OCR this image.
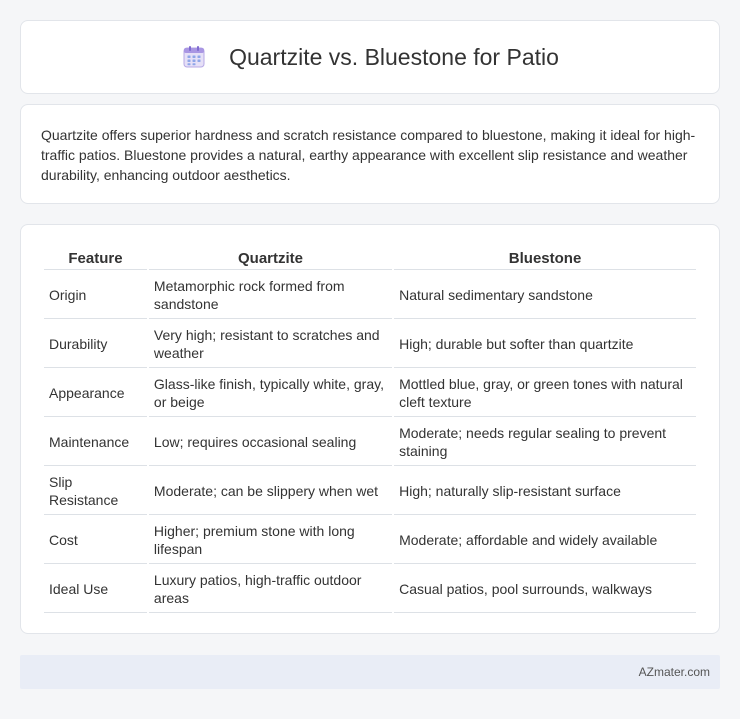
Quartzite vs. Bluestone for Patio

Quartzite offers superior hardness and scratch resistance compared to bluestone, making it ideal for high-traffic patios. Bluestone provides a natural, earthy appearance with excellent slip resistance and weather durability, enhancing outdoor aesthetics.

Feature	Quartzite	Bluestone
Origin	Metamorphic rock formed from sandstone	Natural sedimentary sandstone
Durability	Very high; resistant to scratches and weather	High; durable but softer than quartzite
Appearance	Glass-like finish, typically white, gray, or beige	Mottled blue, gray, or green tones with natural cleft texture
Maintenance	Low; requires occasional sealing	Moderate; needs regular sealing to prevent staining
Slip Resistance	Moderate; can be slippery when wet	High; naturally slip-resistant surface
Cost	Higher; premium stone with long lifespan	Moderate; affordable and widely available
Ideal Use	Luxury patios, high-traffic outdoor areas	Casual patios, pool surrounds, walkways
AZmater.com
